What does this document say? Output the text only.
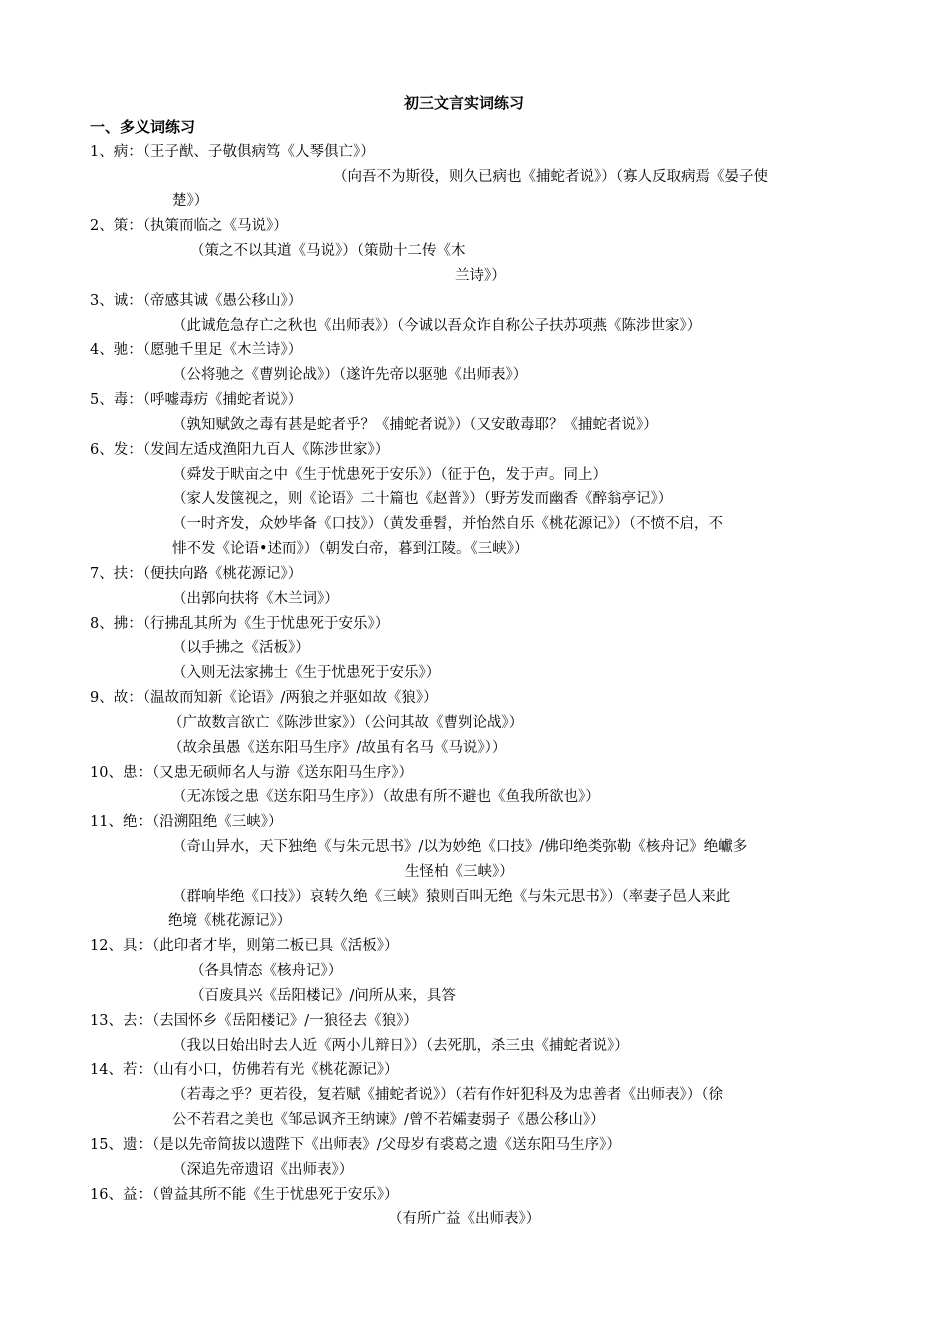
初三文言实词练习
一、多义词练习
1、病：（王子猷、子敬俱病笃《人琴俱亡》）
（向吾不为斯役，则久已病也《捕蛇者说》）（寡人反取病焉《晏子使
楚》）
2、策：（执策而临之《马说》）
（策之不以其道《马说》）（策勋十二传《木
兰诗》）
3、诚：（帝感其诚《愚公移山》）
（此诚危急存亡之秋也《出师表》）（今诚以吾众诈自称公子扶苏项燕《陈涉世家》）
4、驰：（愿驰千里足《木兰诗》）
（公将驰之《曹刿论战》）（遂许先帝以驱驰《出师表》）
5、毒：（呼嘘毒疠《捕蛇者说》）
（孰知赋敛之毒有甚是蛇者乎？《捕蛇者说》）（又安敢毒耶？《捕蛇者说》）
6、发：（发闾左适戍渔阳九百人《陈涉世家》）
（舜发于畎亩之中《生于忧患死于安乐》）（征于色，发于声。同上）
（家人发箧视之，则《论语》二十篇也《赵普》）（野芳发而幽香《醉翁亭记》）
（一时齐发，众妙毕备《口技》）（黄发垂髫，并怡然自乐《桃花源记》）（不愤不启，不
悱不发《论语•述而》）（朝发白帝，暮到江陵。《三峡》）
7、扶：（便扶向路《桃花源记》）
（出郭向扶将《木兰词》）
8、拂：（行拂乱其所为《生于忧患死于安乐》）
（以手拂之《活板》）
（入则无法家拂士《生于忧患死于安乐》）
9、故：（温故而知新《论语》/两狼之并驱如故《狼》）
（广故数言欲亡《陈涉世家》）（公问其故《曹刿论战》）
（故余虽愚《送东阳马生序》/故虽有名马《马说》））
10、患：（又患无硕师名人与游《送东阳马生序》）
（无冻馁之患《送东阳马生序》）（故患有所不避也《鱼我所欲也》）
11、绝：（沿溯阻绝《三峡》）
（奇山异水，天下独绝《与朱元思书》/以为妙绝《口技》/佛印绝类弥勒《核舟记》绝巘多
生怪柏《三峡》）
（群响毕绝《口技》）哀转久绝《三峡》猿则百叫无绝《与朱元思书》）（率妻子邑人来此
绝境《桃花源记》）
12、具：（此印者才毕，则第二板已具《活板》）
（各具情态《核舟记》）
（百废具兴《岳阳楼记》/问所从来，具答
13、去：（去国怀乡《岳阳楼记》/一狼径去《狼》）
（我以日始出时去人近《两小儿辩日》）（去死肌，杀三虫《捕蛇者说》）
14、若：（山有小口，仿佛若有光《桃花源记》）
（若毒之乎？更若役，复若赋《捕蛇者说》）（若有作奸犯科及为忠善者《出师表》）（徐
公不若君之美也《邹忌讽齐王纳谏》/曾不若孀妻弱子《愚公移山》）
15、遗：（是以先帝简拔以遗陛下《出师表》/父母岁有裘葛之遗《送东阳马生序》）
（深追先帝遗诏《出师表》）
16、益：（曾益其所不能《生于忧患死于安乐》）
（有所广益《出师表》）
